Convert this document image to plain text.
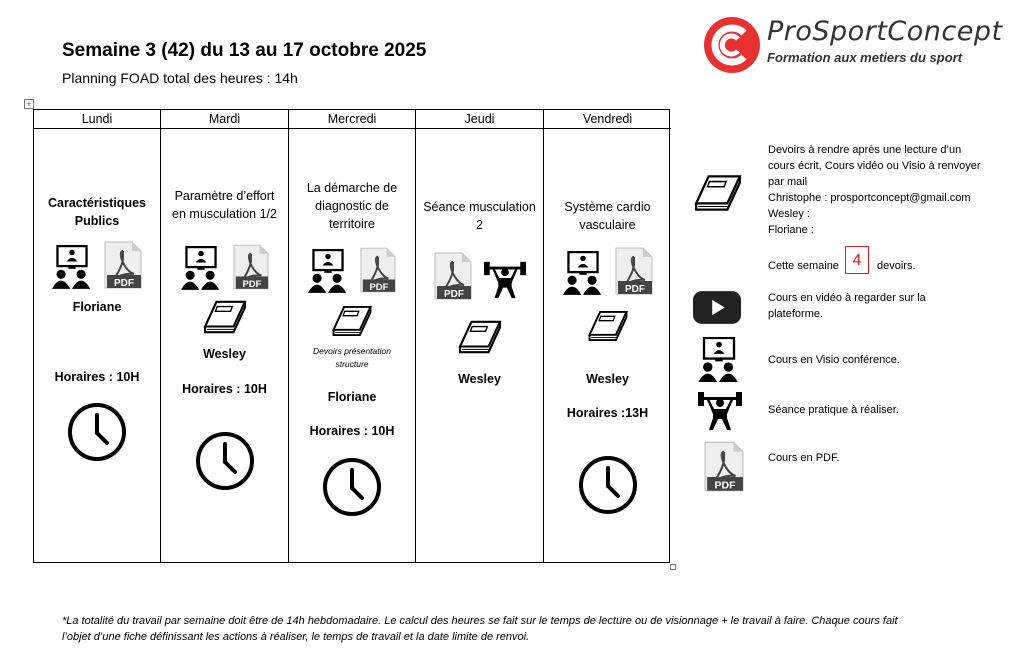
Semaine 3 (42) du 13 au 17 octobre 2025
Planning FOAD total des heures : 14h
ProSportConcept
Formation aux metiers du sport
+
Lundi
Caractéristiques
Publics
Floriane
Horaires : 10H
Mardi
Paramètre d’effort
en musculation 1/2
Wesley
Horaires : 10H
Mercredi
La démarche de
diagnostic de
territoire
Devoirs présentation
structure
Floriane
Horaires : 10H
Jeudi
Séance musculation
2
Wesley
Vendredi
Système cardio
vasculaire
Wesley
Horaires :13H
Devoirs à rendre après une lecture d’un
cours écrit, Cours vidéo ou Visio à renvoyer
par mail
Christophe : prosportconcept@gmail.com
Wesley :
Floriane :
Cette semaine 4	devoirs.
Cours en vidéo à regarder sur la
plateforme.
Cours en Visio conférence.
Séance pratique à réaliser.
Cours en PDF.
*La totalité du travail par semaine doit être de 14h hebdomadaire. Le calcul des heures se fait sur le temps de lecture ou de visionnage + le travail à faire. Chaque cours fait
l’objet d’une fiche définissant les actions à réaliser, le temps de travail et la date limite de renvoi.
